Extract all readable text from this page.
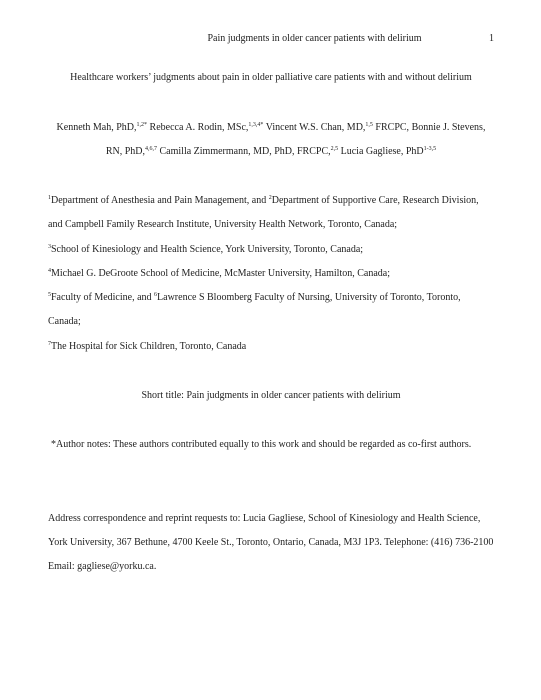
Pain judgments in older cancer patients with delirium	1
Healthcare workers’ judgments about pain in older palliative care patients with and without delirium
Kenneth Mah, PhD,$^{1,2*}$ Rebecca A. Rodin, MSc,$^{1,3,4*}$ Vincent W.S. Chan, MD,$^{1,5}$ FRCPC, Bonnie J. Stevens, RN, PhD,$^{4,6,7}$ Camilla Zimmermann, MD, PhD, FRCPC,$^{2,5}$ Lucia Gagliese, PhD$^{1-3,5}$
$^1$Department of Anesthesia and Pain Management, and $^2$Department of Supportive Care, Research Division, and Campbell Family Research Institute, University Health Network, Toronto, Canada;
$^3$School of Kinesiology and Health Science, York University, Toronto, Canada;
$^4$Michael G. DeGroote School of Medicine, McMaster University, Hamilton, Canada;
$^5$Faculty of Medicine, and $^6$Lawrence S Bloomberg Faculty of Nursing, University of Toronto, Toronto, Canada;
$^7$The Hospital for Sick Children, Toronto, Canada
Short title: Pain judgments in older cancer patients with delirium
*Author notes: These authors contributed equally to this work and should be regarded as co-first authors.
Address correspondence and reprint requests to: Lucia Gagliese, School of Kinesiology and Health Science, York University, 367 Bethune, 4700 Keele St., Toronto, Ontario, Canada, M3J 1P3. Telephone: (416) 736-2100 Email: gagliese@yorku.ca.
